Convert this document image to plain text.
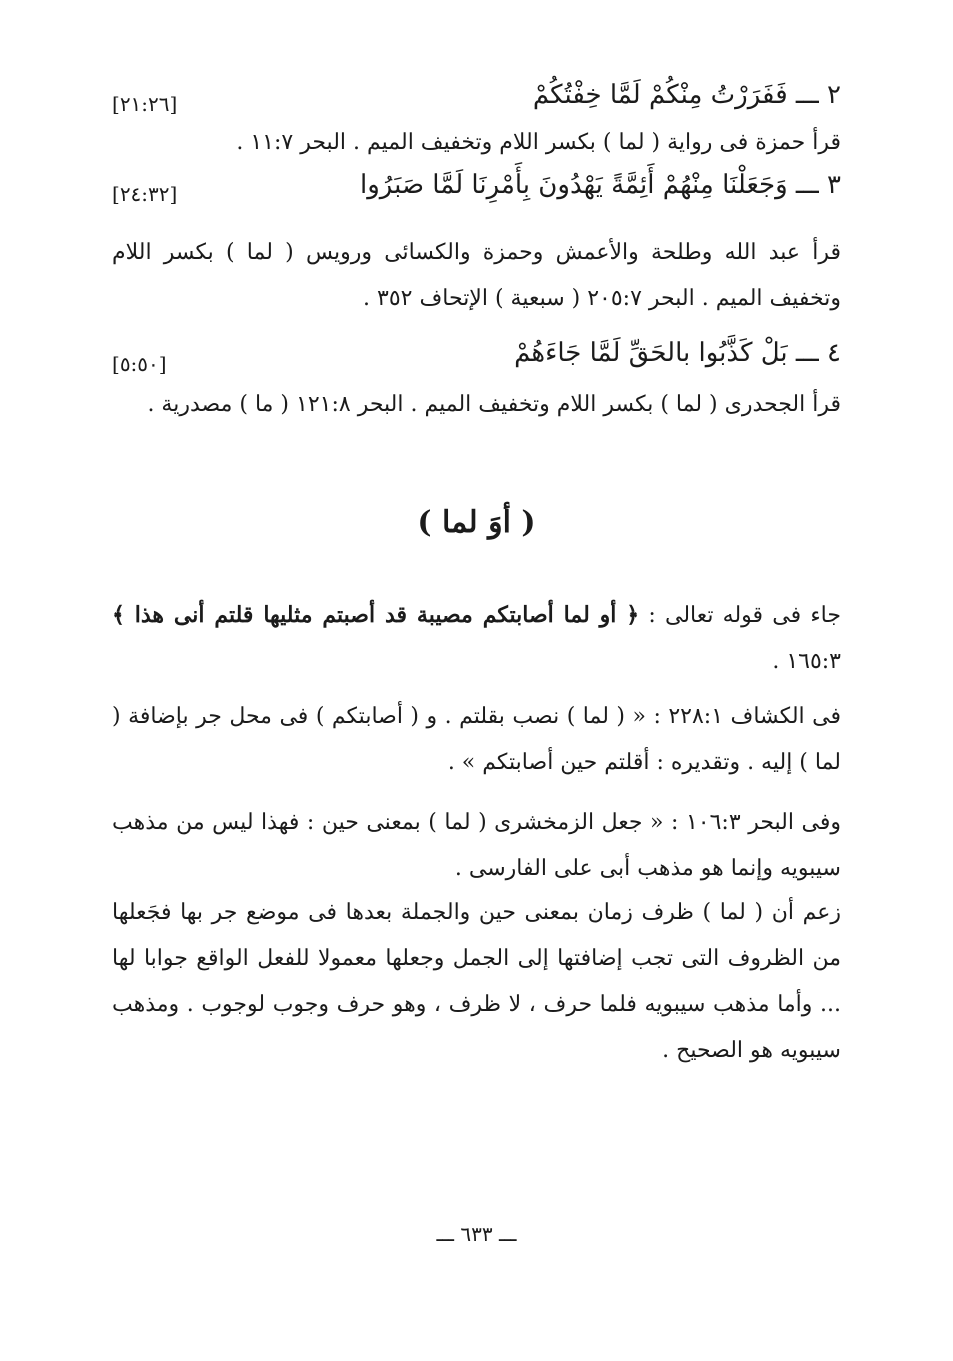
٢ ـــ فَفَرَرْتُ مِنْكُمْ لَمَّا خِفْتُكُمْ
[٢١:٢٦]
قرأ حمزة فى رواية ( لما ) بكسر اللام وتخفيف الميم . البحر ١١:٧ .
٣ ـــ وَجَعَلْنَا مِنْهُمْ أَئِمَّةً يَهْدُونَ بِأَمْرِنَا لَمَّا صَبَرُوا
[٢٤:٣٢]
قرأ عبد الله وطلحة والأعمش وحمزة والكسائى ورويس ( لما ) بكسر اللام وتخفيف الميم . البحر ٢٠٥:٧ ( سبعية ) الإتحاف ٣٥٢ .
٤ ـــ بَلْ كَذَّبُوا بالحَقِّ لَمَّا جَاءَهُمْ
[٥:٥٠]
قرأ الجحدرى ( لما ) بكسر اللام وتخفيف الميم . البحر ١٢١:٨ ( ما ) مصدرية .
( أوَ لما )
جاء فى قوله تعالى : ﴿ أو لما أصابتكم مصيبة قد أصبتم مثليها قلتم أنى هذا ﴾ ١٦٥:٣ .
فى الكشاف ٢٢٨:١ : « ( لما ) نصب بقلتم . و ( أصابتكم ) فى محل جر بإضافة ( لما ) إليه . وتقديره : أقلتم حين أصابتكم » .
وفى البحر ١٠٦:٣ : « جعل الزمخشرى ( لما ) بمعنى حين : فهذا ليس من مذهب سيبويه وإنما هو مذهب أبى على الفارسى .
زعم أن ( لما ) ظرف زمان بمعنى حين والجملة بعدها فى موضع جر بها فجَعلها من الظروف التى تجب إضافتها إلى الجمل وجعلها معمولا للفعل الواقع جوابا لها ... وأما مذهب سيبويه فلما حرف ، لا ظرف ، وهو حرف وجوب لوجوب . ومذهب سيبويه هو الصحيح .
ـــ ٦٣٣ ـــ
